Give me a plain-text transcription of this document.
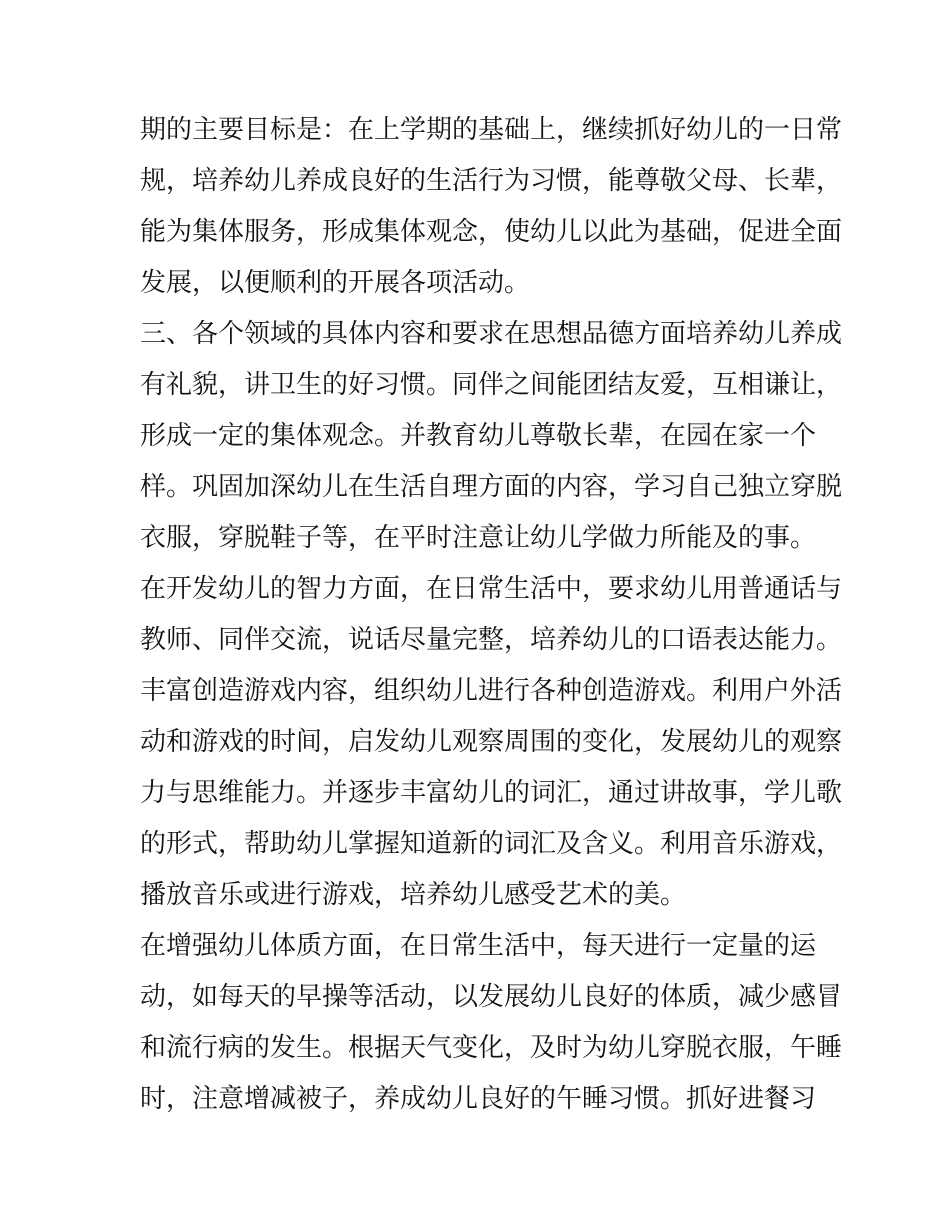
期的主要目标是：在上学期的基础上，继续抓好幼儿的一日常
规，培养幼儿养成良好的生活行为习惯，能尊敬父母、长辈，
能为集体服务，形成集体观念，使幼儿以此为基础，促进全面
发展，以便顺利的开展各项活动。
三、各个领域的具体内容和要求在思想品德方面培养幼儿养成
有礼貌，讲卫生的好习惯。同伴之间能团结友爱，互相谦让，
形成一定的集体观念。并教育幼儿尊敬长辈，在园在家一个
样。巩固加深幼儿在生活自理方面的内容，学习自己独立穿脱
衣服，穿脱鞋子等，在平时注意让幼儿学做力所能及的事。
在开发幼儿的智力方面，在日常生活中，要求幼儿用普通话与
教师、同伴交流，说话尽量完整，培养幼儿的口语表达能力。
丰富创造游戏内容，组织幼儿进行各种创造游戏。利用户外活
动和游戏的时间，启发幼儿观察周围的变化，发展幼儿的观察
力与思维能力。并逐步丰富幼儿的词汇，通过讲故事，学儿歌
的形式，帮助幼儿掌握知道新的词汇及含义。利用音乐游戏，
播放音乐或进行游戏，培养幼儿感受艺术的美。
在增强幼儿体质方面，在日常生活中，每天进行一定量的运
动，如每天的早操等活动，以发展幼儿良好的体质，减少感冒
和流行病的发生。根据天气变化，及时为幼儿穿脱衣服，午睡
时，注意增减被子，养成幼儿良好的午睡习惯。抓好进餐习
